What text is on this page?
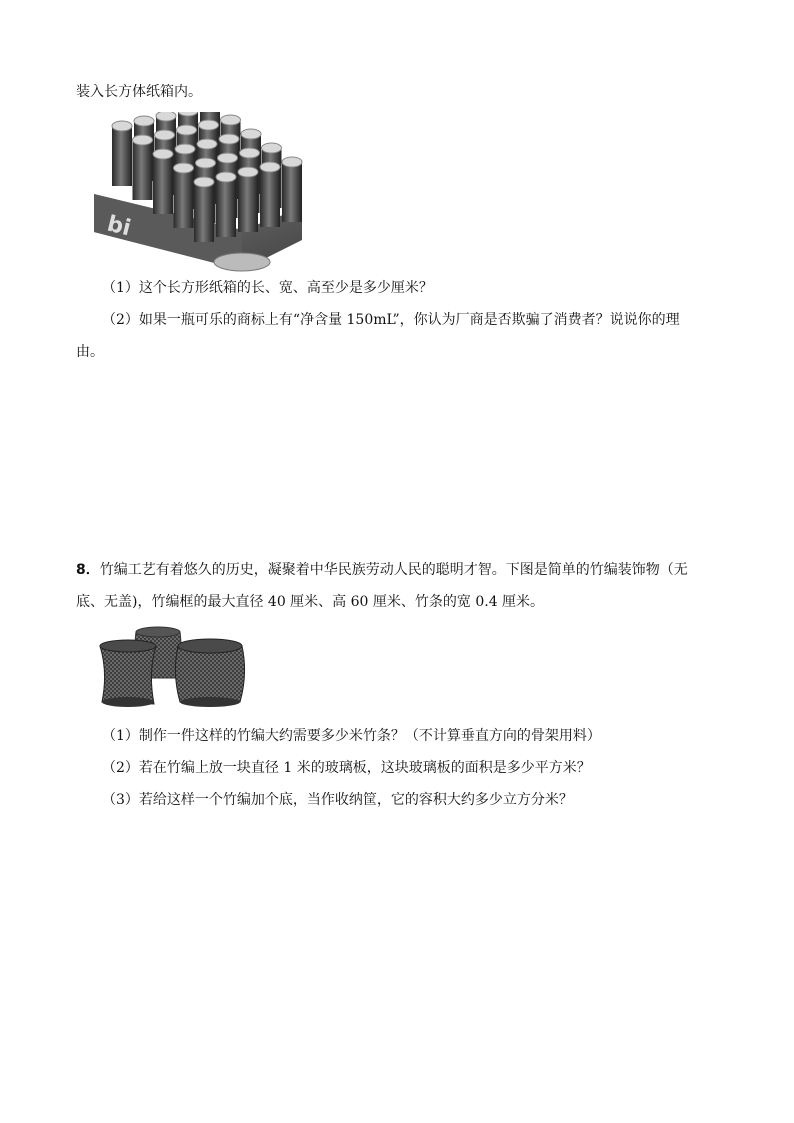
装入长方体纸箱内。
bi
（1）这个长方形纸箱的长、宽、高至少是多少厘米？
（2）如果一瓶可乐的商标上有“净含量 150mL”，你认为厂商是否欺骗了消费者？说说你的理
由。
8．竹编工艺有着悠久的历史，凝聚着中华民族劳动人民的聪明才智。下图是简单的竹编装饰物（无
底、无盖)，竹编框的最大直径 40 厘米、高 60 厘米、竹条的宽 0.4 厘米。
（1）制作一件这样的竹编大约需要多少米竹条？（不计算垂直方向的骨架用料）
（2）若在竹编上放一块直径 1 米的玻璃板，这块玻璃板的面积是多少平方米？
（3）若给这样一个竹编加个底，当作收纳筐，它的容积大约多少立方分米？
